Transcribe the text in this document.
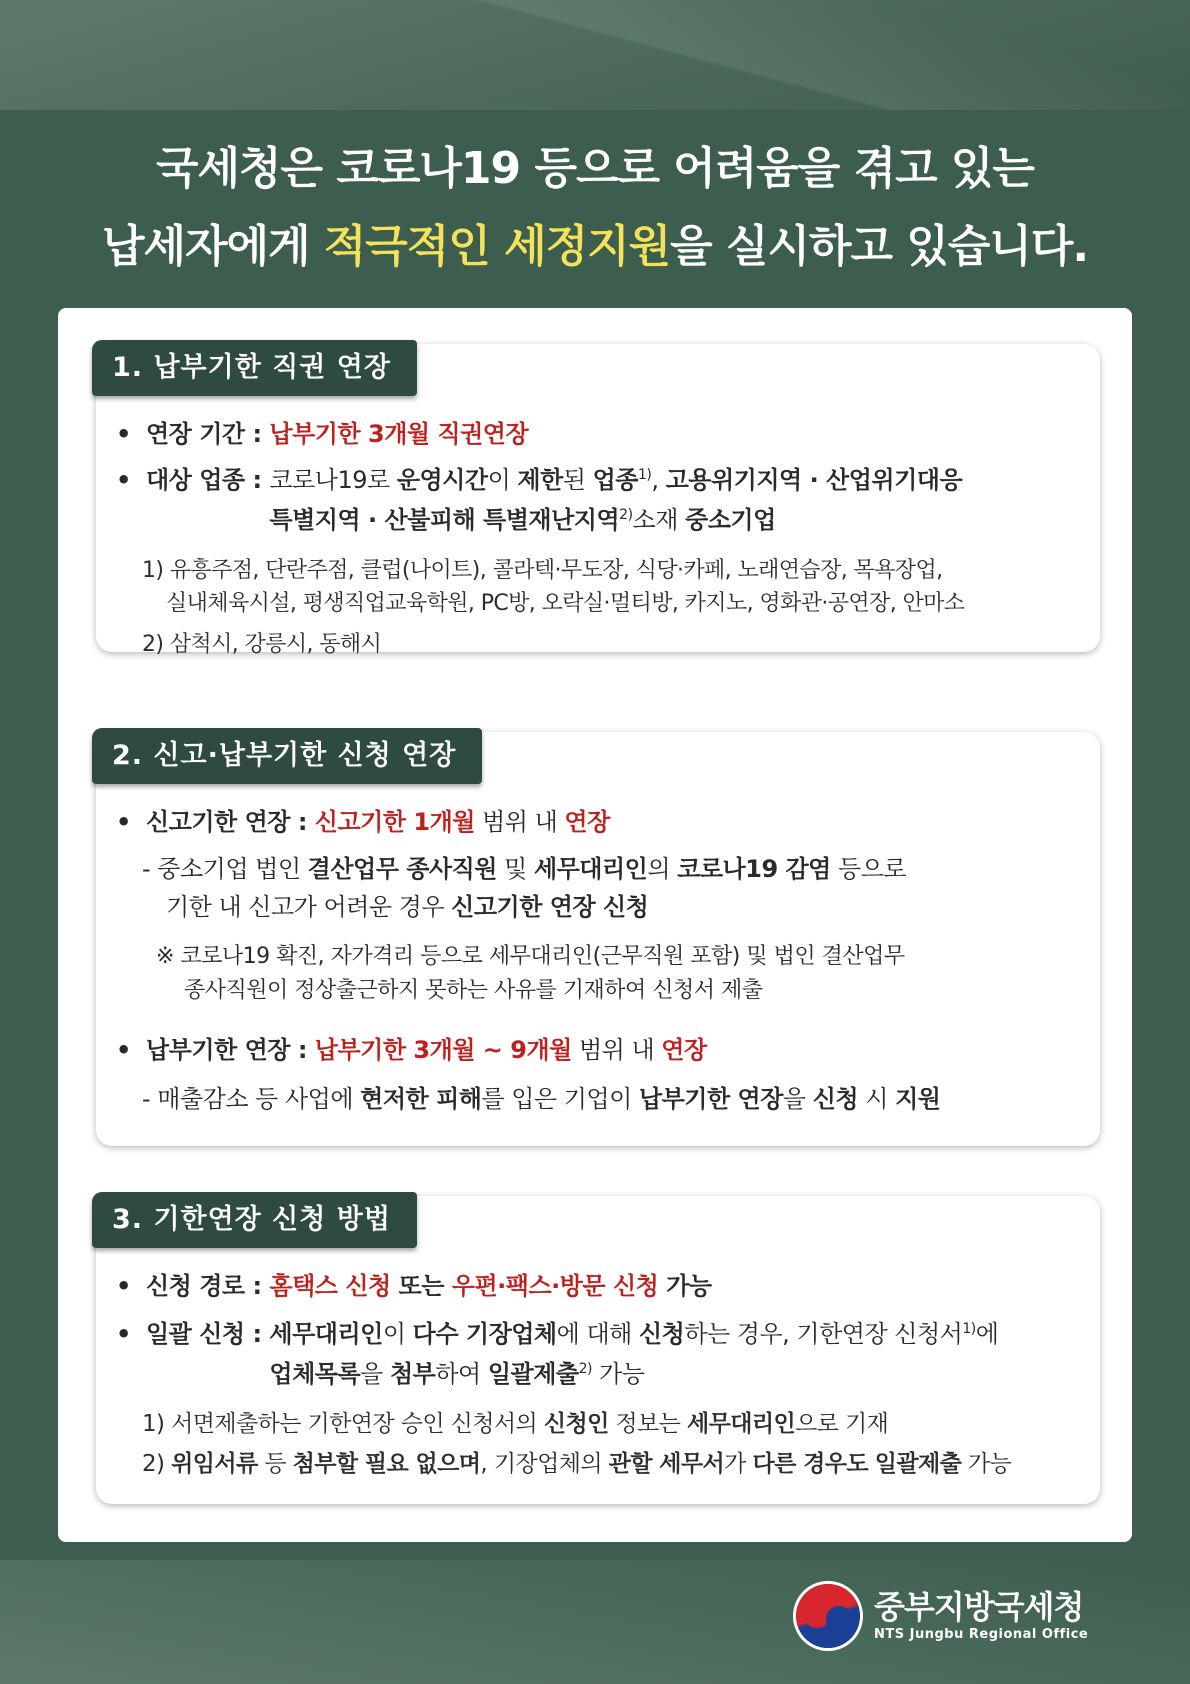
국세청은 코로나19 등으로 어려움을 겪고 있는
납세자에게 적극적인 세정지원을 실시하고 있습니다.
1. 납부기한 직권 연장
• 연장 기간 : 납부기한 3개월 직권연장
• 대상 업종 : 코로나19로 운영시간이 제한된 업종$^{1)}$, 고용위기지역 · 산업위기대응
특별지역 · 산불피해 특별재난지역$^{2)}$소재 중소기업
1) 유흥주점, 단란주점, 클럽(나이트), 콜라텍·무도장, 식당·카페, 노래연습장, 목욕장업,
실내체육시설, 평생직업교육학원, PC방, 오락실·멀티방, 카지노, 영화관·공연장, 안마소
2) 삼척시, 강릉시, 동해시
2. 신고·납부기한 신청 연장
• 신고기한 연장 : 신고기한 1개월 범위 내 연장
- 중소기업 법인 결산업무 종사직원 및 세무대리인의 코로나19 감염 등으로
기한 내 신고가 어려운 경우 신고기한 연장 신청
※ 코로나19 확진, 자가격리 등으로 세무대리인(근무직원 포함) 및 법인 결산업무
종사직원이 정상출근하지 못하는 사유를 기재하여 신청서 제출
• 납부기한 연장 : 납부기한 3개월 ~ 9개월 범위 내 연장
- 매출감소 등 사업에 현저한 피해를 입은 기업이 납부기한 연장을 신청 시 지원
3. 기한연장 신청 방법
• 신청 경로 : 홈택스 신청 또는 우편·팩스·방문 신청 가능
• 일괄 신청 : 세무대리인이 다수 기장업체에 대해 신청하는 경우, 기한연장 신청서$^{1)}$에
업체목록을 첨부하여 일괄제출$^{2)}$ 가능
1) 서면제출하는 기한연장 승인 신청서의 신청인 정보는 세무대리인으로 기재
2) 위임서류 등 첨부할 필요 없으며, 기장업체의 관할 세무서가 다른 경우도 일괄제출 가능
중부지방국세청
NTS Jungbu Regional Office
